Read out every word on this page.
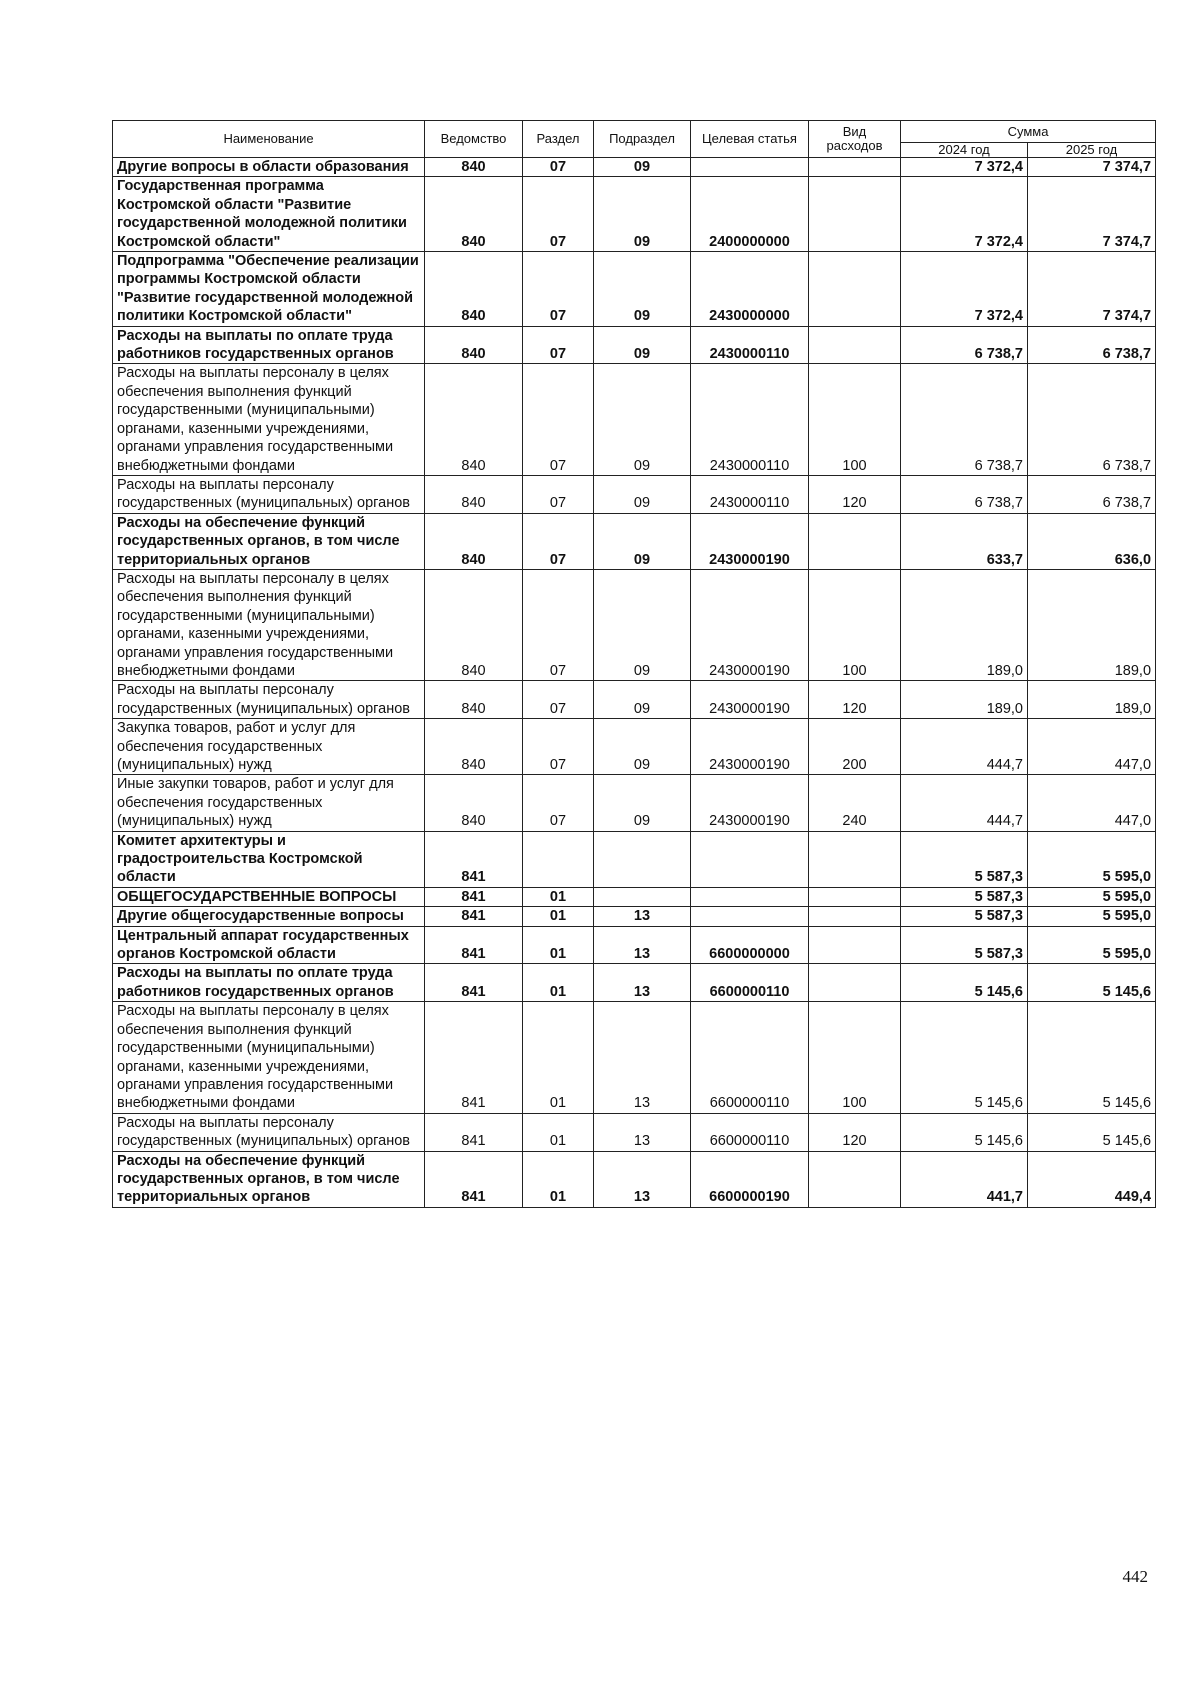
Наименование	Ведомство	Раздел	Подраздел	Целевая статья	Вид расходов	Сумма	
						2024 год	2025 год
Другие вопросы в области образования	840	07	09			7 372,4	7 374,7
Государственная программа Костромской области "Развитие государственной молодежной политики Костромской области"	840	07	09	2400000000		7 372,4	7 374,7
Подпрограмма "Обеспечение реализации программы Костромской области "Развитие государственной молодежной политики Костромской области"	840	07	09	2430000000		7 372,4	7 374,7
Расходы на выплаты по оплате труда работников государственных органов	840	07	09	2430000110		6 738,7	6 738,7
Расходы на выплаты персоналу в целях обеспечения выполнения функций государственными (муниципальными) органами, казенными учреждениями, органами управления государственными внебюджетными фондами	840	07	09	2430000110	100	6 738,7	6 738,7
Расходы на выплаты персоналу государственных (муниципальных) органов	840	07	09	2430000110	120	6 738,7	6 738,7
Расходы на обеспечение функций государственных органов, в том числе территориальных органов	840	07	09	2430000190		633,7	636,0
Расходы на выплаты персоналу в целях обеспечения выполнения функций государственными (муниципальными) органами, казенными учреждениями, органами управления государственными внебюджетными фондами	840	07	09	2430000190	100	189,0	189,0
Расходы на выплаты персоналу государственных (муниципальных) органов	840	07	09	2430000190	120	189,0	189,0
Закупка товаров, работ и услуг для обеспечения государственных (муниципальных) нужд	840	07	09	2430000190	200	444,7	447,0
Иные закупки товаров, работ и услуг для обеспечения государственных (муниципальных) нужд	840	07	09	2430000190	240	444,7	447,0
Комитет архитектуры и градостроительства Костромской области	841					5 587,3	5 595,0
ОБЩЕГОСУДАРСТВЕННЫЕ ВОПРОСЫ	841	01				5 587,3	5 595,0
Другие общегосударственные вопросы	841	01	13			5 587,3	5 595,0
Центральный аппарат государственных органов Костромской области	841	01	13	6600000000		5 587,3	5 595,0
Расходы на выплаты по оплате труда работников государственных органов	841	01	13	6600000110		5 145,6	5 145,6
Расходы на выплаты персоналу в целях обеспечения выполнения функций государственными (муниципальными) органами, казенными учреждениями, органами управления государственными внебюджетными фондами	841	01	13	6600000110	100	5 145,6	5 145,6
Расходы на выплаты персоналу государственных (муниципальных) органов	841	01	13	6600000110	120	5 145,6	5 145,6
Расходы на обеспечение функций государственных органов, в том числе территориальных органов	841	01	13	6600000190		441,7	449,4
442
